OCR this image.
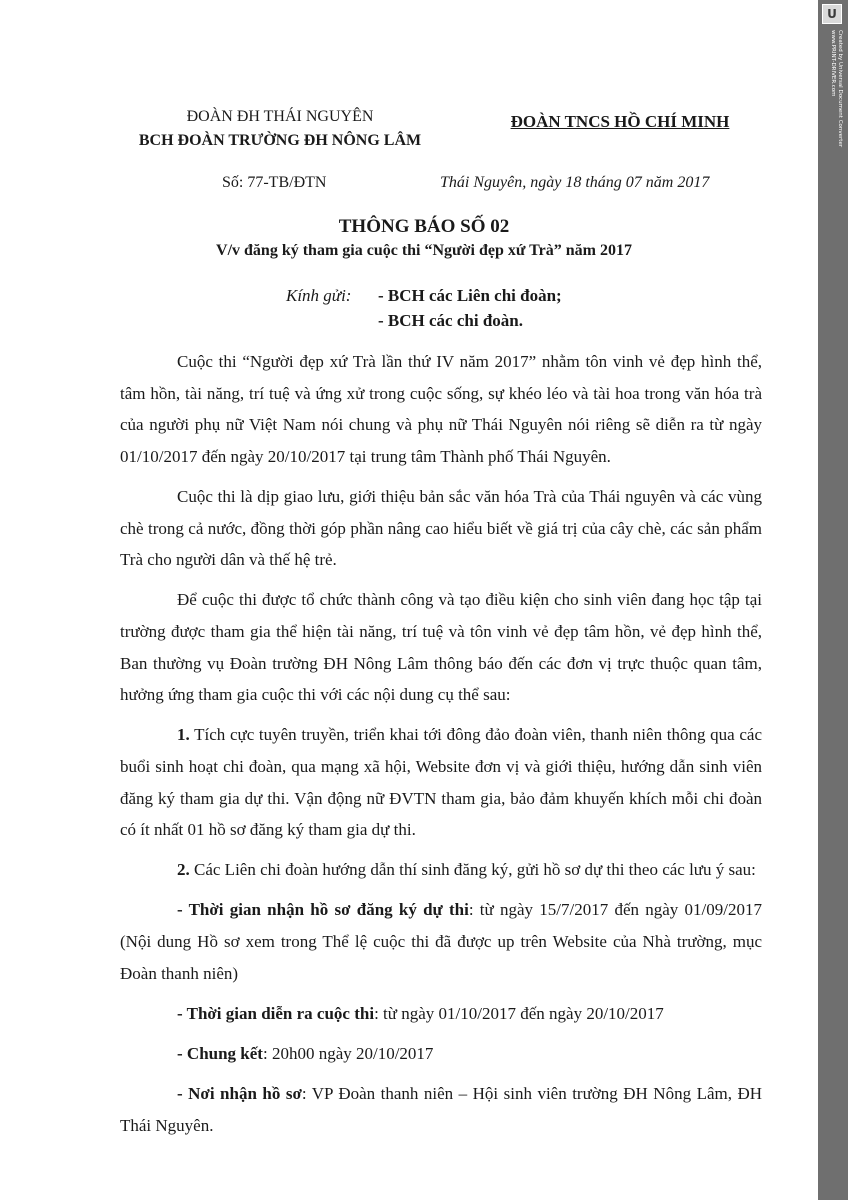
ĐOÀN ĐH THÁI NGUYÊN
BCH ĐOÀN TRƯỜNG ĐH NÔNG LÂM
ĐOÀN TNCS HỒ CHÍ MINH
Số: 77-TB/ĐTN	Thái Nguyên, ngày 18 tháng 07 năm 2017
THÔNG BÁO SỐ 02
V/v đăng ký tham gia cuộc thi “Người đẹp xứ Trà” năm 2017
Kính gửi: - BCH các Liên chi đoàn;
- BCH các chi đoàn.

Cuộc thi “Người đẹp xứ Trà lần thứ IV năm 2017” nhằm tôn vinh vẻ đẹp hình thể, tâm hồn, tài năng, trí tuệ và ứng xử trong cuộc sống, sự khéo léo và tài hoa trong văn hóa trà của người phụ nữ Việt Nam nói chung và phụ nữ Thái Nguyên nói riêng sẽ diễn ra từ ngày 01/10/2017 đến ngày 20/10/2017 tại trung tâm Thành phố Thái Nguyên.

Cuộc thi là dịp giao lưu, giới thiệu bản sắc văn hóa Trà của Thái nguyên và các vùng chè trong cả nước, đồng thời góp phần nâng cao hiểu biết về giá trị của cây chè, các sản phẩm Trà cho người dân và thế hệ trẻ.

Để cuộc thi được tổ chức thành công và tạo điều kiện cho sinh viên đang học tập tại trường được tham gia thể hiện tài năng, trí tuệ và tôn vinh vẻ đẹp tâm hồn, vẻ đẹp hình thể, Ban thường vụ Đoàn trường ĐH Nông Lâm thông báo đến các đơn vị trực thuộc quan tâm, hưởng ứng tham gia cuộc thi với các nội dung cụ thể sau:

1. Tích cực tuyên truyền, triển khai tới đông đảo đoàn viên, thanh niên thông qua các buổi sinh hoạt chi đoàn, qua mạng xã hội, Website đơn vị và giới thiệu, hướng dẫn sinh viên đăng ký tham gia dự thi. Vận động nữ ĐVTN tham gia, bảo đảm khuyến khích mỗi chi đoàn có ít nhất 01 hồ sơ đăng ký tham gia dự thi.

2. Các Liên chi đoàn hướng dẫn thí sinh đăng ký, gửi hồ sơ dự thi theo các lưu ý sau:

- Thời gian nhận hồ sơ đăng ký dự thi: từ ngày 15/7/2017 đến ngày 01/09/2017 (Nội dung Hồ sơ xem trong Thể lệ cuộc thi đã được up trên Website của Nhà trường, mục Đoàn thanh niên)

- Thời gian diễn ra cuộc thi: từ ngày 01/10/2017 đến ngày 20/10/2017

- Chung kết: 20h00 ngày 20/10/2017

- Nơi nhận hồ sơ: VP Đoàn thanh niên – Hội sinh viên trường ĐH Nông Lâm, ĐH Thái Nguyên.

U
Created by Universal Document Converter
www.PRINT-DRIVER.com
